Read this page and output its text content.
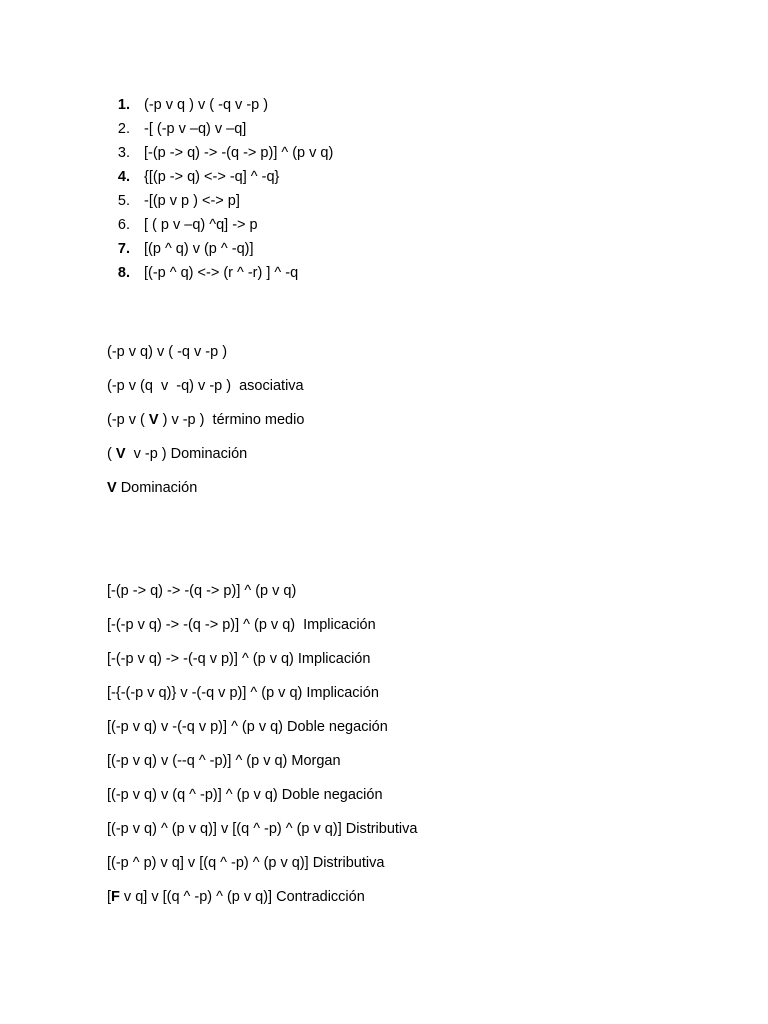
1. (-p v q ) v ( -q v -p )
2. -[ (-p v –q) v –q]
3. [-(p -> q) -> -(q -> p)] ^ (p v q)
4. {[(p -> q) <-> -q] ^ -q}
5. -[(p v p ) <-> p]
6. [ ( p v –q) ^q] -> p
7. [(p ^ q) v (p ^ -q)]
8. [(-p ^ q) <-> (r ^ -r) ] ^ -q

(-p v q) v ( -q v -p )

(-p v (q  v  -q) v -p )  asociativa

(-p v ( V ) v -p )  término medio

( V  v -p ) Dominación

V Dominación

[-(p -> q) -> -(q -> p)] ^ (p v q)

[-(-p v q) -> -(q -> p)] ^ (p v q)  Implicación

[-(-p v q) -> -(-q v p)] ^ (p v q) Implicación

[-{-(-p v q)} v -(-q v p)] ^ (p v q) Implicación

[(-p v q) v -(-q v p)] ^ (p v q) Doble negación

[(-p v q) v (--q ^ -p)] ^ (p v q) Morgan

[(-p v q) v (q ^ -p)] ^ (p v q) Doble negación

[(-p v q) ^ (p v q)] v [(q ^ -p) ^ (p v q)] Distributiva

[(-p ^ p) v q] v [(q ^ -p) ^ (p v q)] Distributiva

[F v q] v [(q ^ -p) ^ (p v q)] Contradicción
